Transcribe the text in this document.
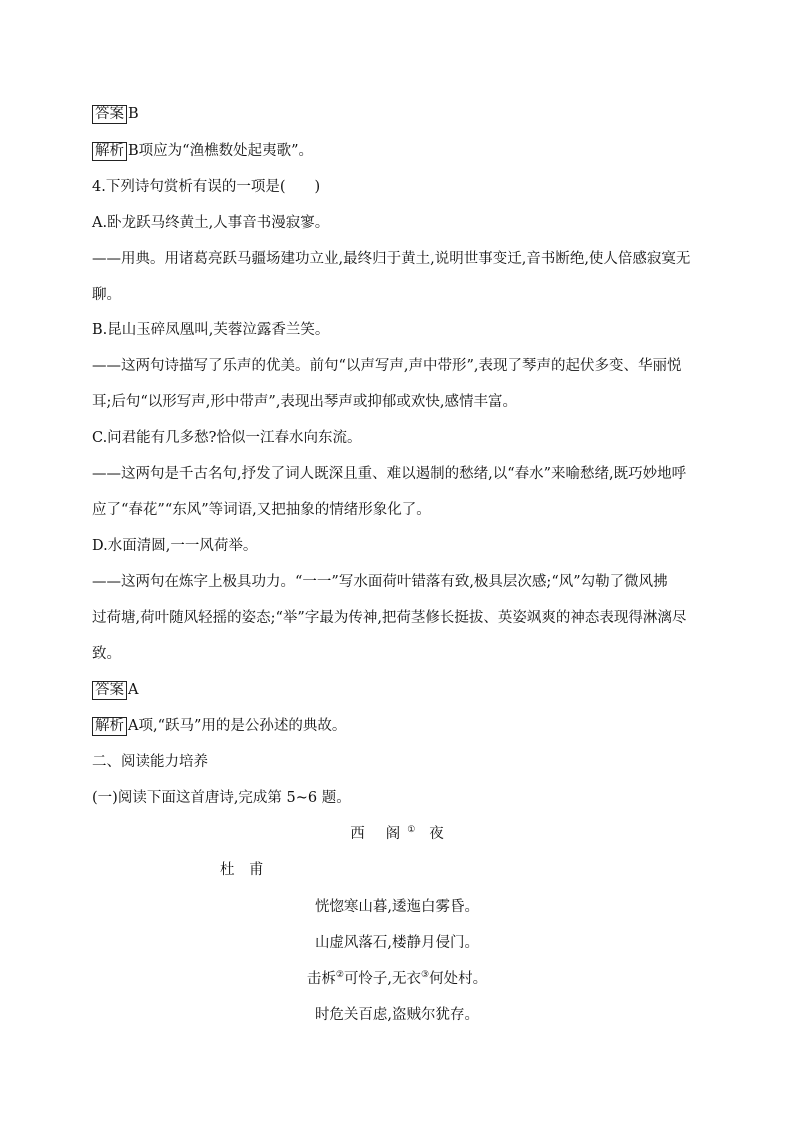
答案 B
解析 B项应为“渔樵数处起夷歌”。
4.下列诗句赏析有误的一项是(　　)
A.卧龙跃马终黄土,人事音书漫寂寥。
——用典。用诸葛亮跃马疆场建功立业,最终归于黄土,说明世事变迁,音书断绝,使人倍感寂寞无
聊。
B.昆山玉碎凤凰叫,芙蓉泣露香兰笑。
——这两句诗描写了乐声的优美。前句“以声写声,声中带形”,表现了琴声的起伏多变、华丽悦
耳;后句“以形写声,形中带声”,表现出琴声或抑郁或欢快,感情丰富。
C.问君能有几多愁?恰似一江春水向东流。
——这两句是千古名句,抒发了词人既深且重、难以遏制的愁绪,以“春水”来喻愁绪,既巧妙地呼
应了“春花”“东风”等词语,又把抽象的情绪形象化了。
D.水面清圆,一一风荷举。
——这两句在炼字上极具功力。“一一”写水面荷叶错落有致,极具层次感;“风”勾勒了微风拂
过荷塘,荷叶随风轻摇的姿态;“举”字最为传神,把荷茎修长挺拔、英姿飒爽的神态表现得淋漓尽
致。
答案 A
解析 A项,“跃马”用的是公孙述的典故。
二、阅读能力培养
(一)阅读下面这首唐诗,完成第 5~6 题。
西 阁 ① 夜
杜　甫
恍惚寒山暮,逶迤白雾昏。
山虚风落石,楼静月侵门。
击柝②可怜子,无衣③何处村。
时危关百虑,盗贼尔犹存。
